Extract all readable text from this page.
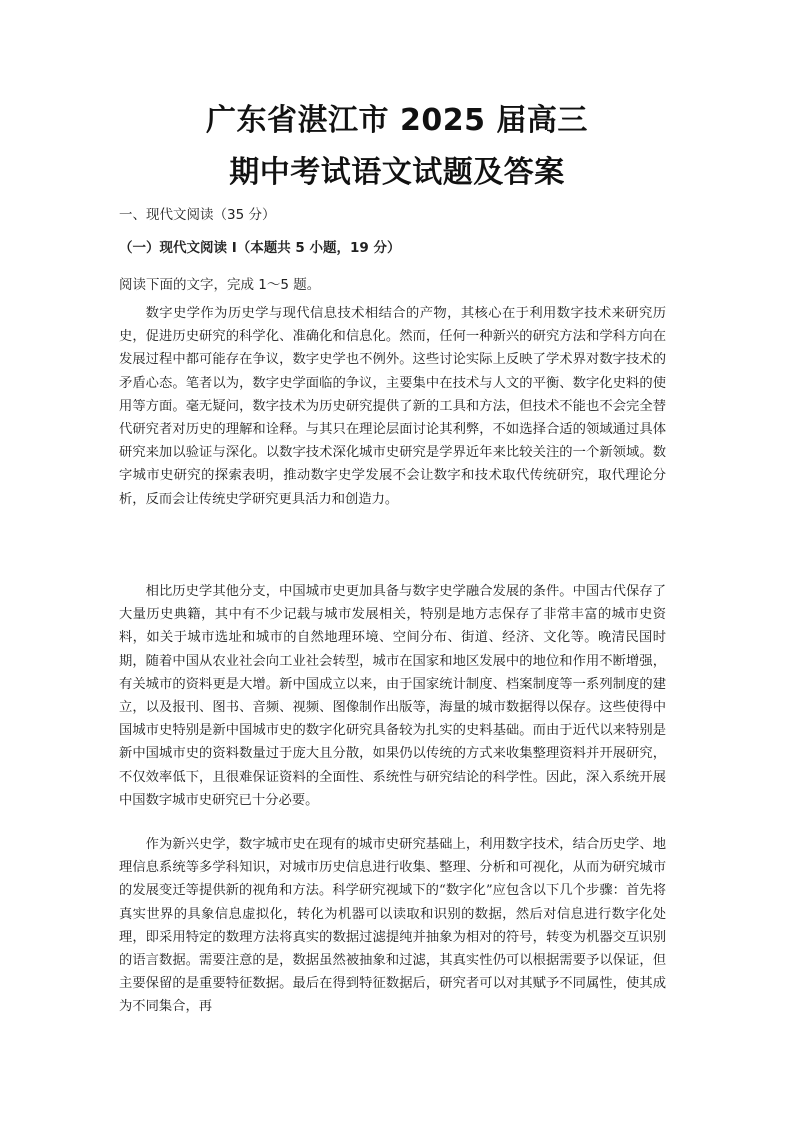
广东省湛江市 2025 届高三
期中考试语文试题及答案
一、现代文阅读（35 分）
（一）现代文阅读 I（本题共 5 小题，19 分）
阅读下面的文字，完成 1～5 题。

数字史学作为历史学与现代信息技术相结合的产物，其核心在于利用数字技术来研究历史，促进历史研究的科学化、准确化和信息化。然而，任何一种新兴的研究方法和学科方向在发展过程中都可能存在争议，数字史学也不例外。这些讨论实际上反映了学术界对数字技术的矛盾心态。笔者以为，数字史学面临的争议，主要集中在技术与人文的平衡、数字化史料的使用等方面。毫无疑问，数字技术为历史研究提供了新的工具和方法，但技术不能也不会完全替代研究者对历史的理解和诠释。与其只在理论层面讨论其利弊，不如选择合适的领域通过具体研究来加以验证与深化。以数字技术深化城市史研究是学界近年来比较关注的一个新领域。数字城市史研究的探索表明，推动数字史学发展不会让数字和技术取代传统研究，取代理论分析，反而会让传统史学研究更具活力和创造力。

相比历史学其他分支，中国城市史更加具备与数字史学融合发展的条件。中国古代保存了大量历史典籍，其中有不少记载与城市发展相关，特别是地方志保存了非常丰富的城市史资料，如关于城市选址和城市的自然地理环境、空间分布、街道、经济、文化等。晚清民国时期，随着中国从农业社会向工业社会转型，城市在国家和地区发展中的地位和作用不断增强，有关城市的资料更是大增。新中国成立以来，由于国家统计制度、档案制度等一系列制度的建立，以及报刊、图书、音频、视频、图像制作出版等，海量的城市数据得以保存。这些使得中国城市史特别是新中国城市史的数字化研究具备较为扎实的史料基础。而由于近代以来特别是新中国城市史的资料数量过于庞大且分散，如果仍以传统的方式来收集整理资料并开展研究，不仅效率低下，且很难保证资料的全面性、系统性与研究结论的科学性。因此，深入系统开展中国数字城市史研究已十分必要。

作为新兴史学，数字城市史在现有的城市史研究基础上，利用数字技术，结合历史学、地理信息系统等多学科知识，对城市历史信息进行收集、整理、分析和可视化，从而为研究城市的发展变迁等提供新的视角和方法。科学研究视域下的“数字化”应包含以下几个步骤：首先将真实世界的具象信息虚拟化，转化为机器可以读取和识别的数据，然后对信息进行数字化处理，即采用特定的数理方法将真实的数据过滤提纯并抽象为相对的符号，转变为机器交互识别的语言数据。需要注意的是，数据虽然被抽象和过滤，其真实性仍可以根据需要予以保证，但主要保留的是重要特征数据。最后在得到特征数据后，研究者可以对其赋予不同属性，使其成为不同集合，再
